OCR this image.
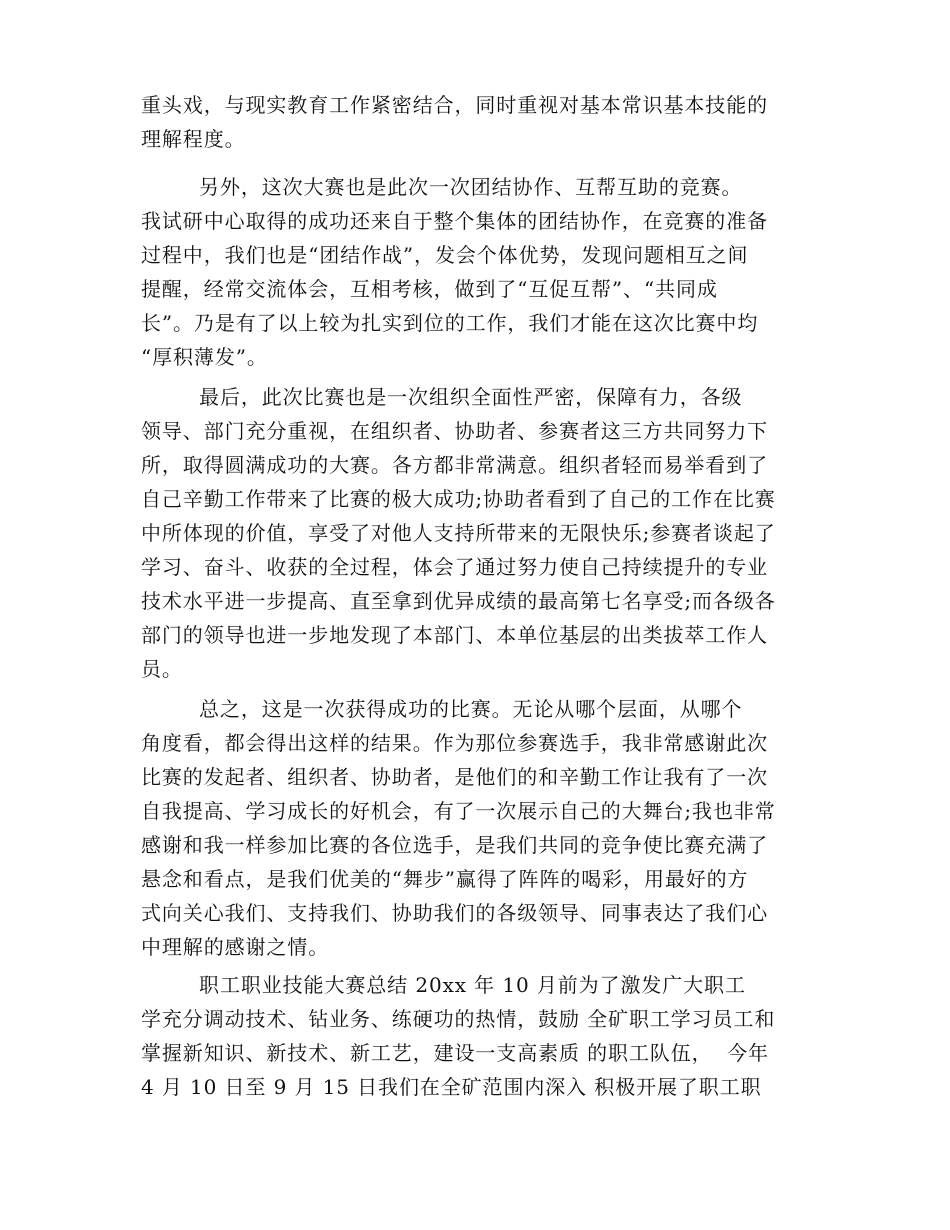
重头戏，与现实教育工作紧密结合，同时重视对基本常识基本技能的
理解程度。
另外，这次大赛也是此次一次团结协作、互帮互助的竞赛。
我试研中心取得的成功还来自于整个集体的团结协作，在竞赛的准备
过程中，我们也是“团结作战”，发会个体优势，发现问题相互之间
提醒，经常交流体会，互相考核，做到了“互促互帮”、“共同成
长”。乃是有了以上较为扎实到位的工作，我们才能在这次比赛中均
“厚积薄发”。
最后，此次比赛也是一次组织全面性严密，保障有力，各级
领导、部门充分重视，在组织者、协助者、参赛者这三方共同努力下
所，取得圆满成功的大赛。各方都非常满意。组织者轻而易举看到了
自己辛勤工作带来了比赛的极大成功;协助者看到了自己的工作在比赛
中所体现的价值，享受了对他人支持所带来的无限快乐;参赛者谈起了
学习、奋斗、收获的全过程，体会了通过努力使自己持续提升的专业
技术水平进一步提高、直至拿到优异成绩的最高第七名享受;而各级各
部门的领导也进一步地发现了本部门、本单位基层的出类拔萃工作人
员。
总之，这是一次获得成功的比赛。无论从哪个层面，从哪个
角度看，都会得出这样的结果。作为那位参赛选手，我非常感谢此次
比赛的发起者、组织者、协助者，是他们的和辛勤工作让我有了一次
自我提高、学习成长的好机会，有了一次展示自己的大舞台;我也非常
感谢和我一样参加比赛的各位选手，是我们共同的竞争使比赛充满了
悬念和看点，是我们优美的“舞步”赢得了阵阵的喝彩，用最好的方
式向关心我们、支持我们、协助我们的各级领导、同事表达了我们心
中理解的感谢之情。
职工职业技能大赛总结 20xx 年 10 月前为了激发广大职工
学充分调动技术、钻业务、练硬功的热情，鼓励 全矿职工学习员工和
掌握新知识、新技术、新工艺，建设一支高素质 的职工队伍，  今年
4 月 10 日至 9 月 15 日我们在全矿范围内深入 积极开展了职工职
